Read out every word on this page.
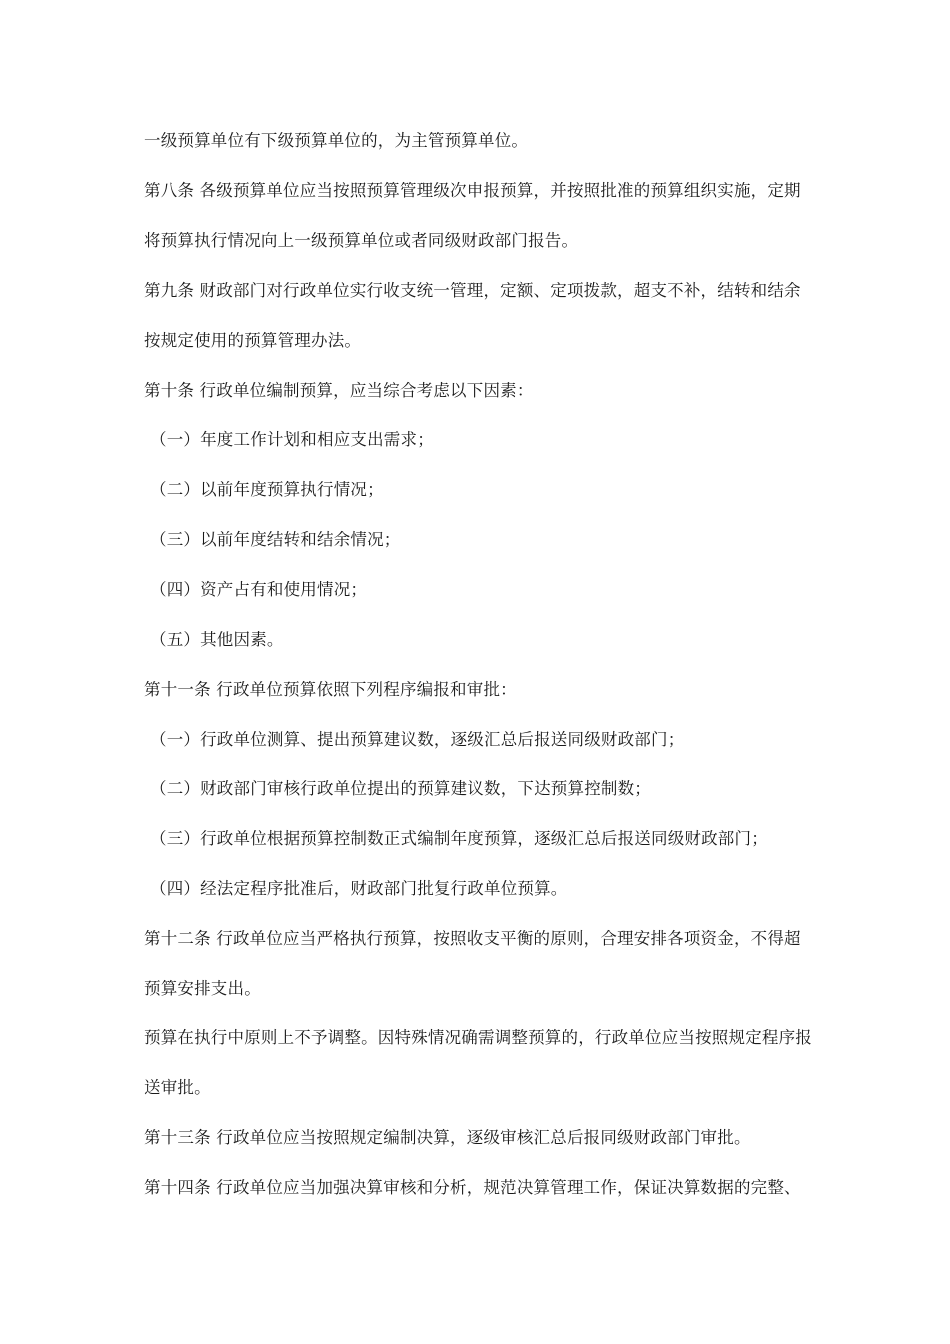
一级预算单位有下级预算单位的，为主管预算单位。
第八条 各级预算单位应当按照预算管理级次申报预算，并按照批准的预算组织实施，定期
将预算执行情况向上一级预算单位或者同级财政部门报告。
第九条 财政部门对行政单位实行收支统一管理，定额、定项拨款，超支不补，结转和结余
按规定使用的预算管理办法。
第十条 行政单位编制预算，应当综合考虑以下因素：
（一）年度工作计划和相应支出需求；
（二）以前年度预算执行情况；
（三）以前年度结转和结余情况；
（四）资产占有和使用情况；
（五）其他因素。
第十一条 行政单位预算依照下列程序编报和审批：
（一）行政单位测算、提出预算建议数，逐级汇总后报送同级财政部门；
（二）财政部门审核行政单位提出的预算建议数，下达预算控制数；
（三）行政单位根据预算控制数正式编制年度预算，逐级汇总后报送同级财政部门；
（四）经法定程序批准后，财政部门批复行政单位预算。
第十二条 行政单位应当严格执行预算，按照收支平衡的原则，合理安排各项资金，不得超
预算安排支出。
预算在执行中原则上不予调整。因特殊情况确需调整预算的，行政单位应当按照规定程序报
送审批。
第十三条 行政单位应当按照规定编制决算，逐级审核汇总后报同级财政部门审批。
第十四条 行政单位应当加强决算审核和分析，规范决算管理工作，保证决算数据的完整、
